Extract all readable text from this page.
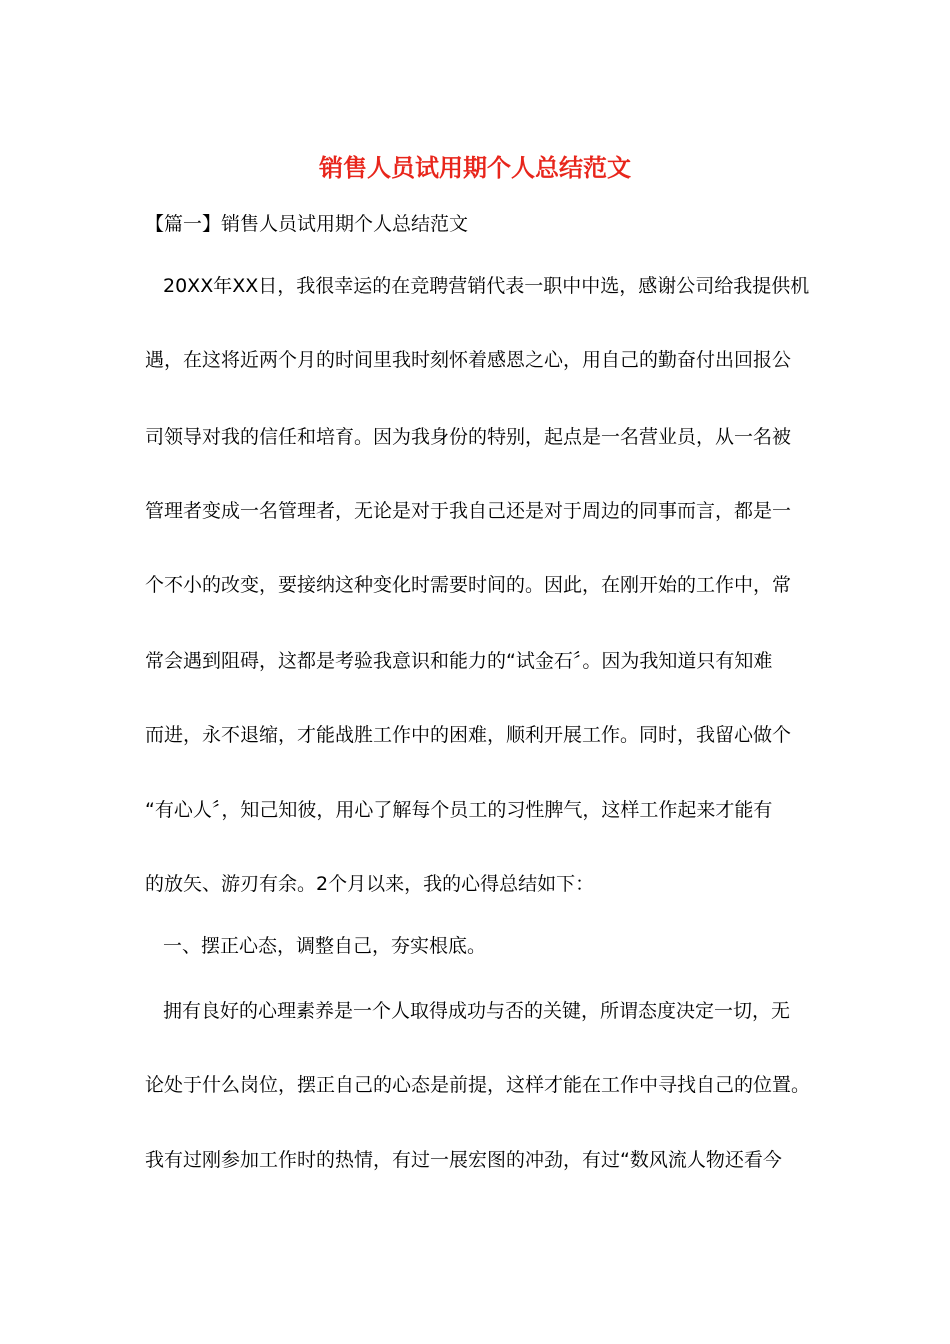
销售人员试用期个人总结范文
【篇一】销售人员试用期个人总结范文
20XX年XX日，我很幸运的在竞聘营销代表一职中中选，感谢公司给我提供机
遇，在这将近两个月的时间里我时刻怀着感恩之心，用自己的勤奋付出回报公
司领导对我的信任和培育。因为我身份的特别，起点是一名营业员，从一名被
管理者变成一名管理者，无论是对于我自己还是对于周边的同事而言，都是一
个不小的改变，要接纳这种变化时需要时间的。因此，在刚开始的工作中，常
常会遇到阻碍，这都是考验我意识和能力的“试金石〞。因为我知道只有知难
而进，永不退缩，才能战胜工作中的困难，顺利开展工作。同时，我留心做个
“有心人〞，知己知彼，用心了解每个员工的习性脾气，这样工作起来才能有
的放矢、游刃有余。2个月以来，我的心得总结如下：
一、摆正心态，调整自己，夯实根底。
拥有良好的心理素养是一个人取得成功与否的关键，所谓态度决定一切，无
论处于什么岗位，摆正自己的心态是前提，这样才能在工作中寻找自己的位置。
我有过刚参加工作时的热情，有过一展宏图的冲劲，有过“数风流人物还看今
